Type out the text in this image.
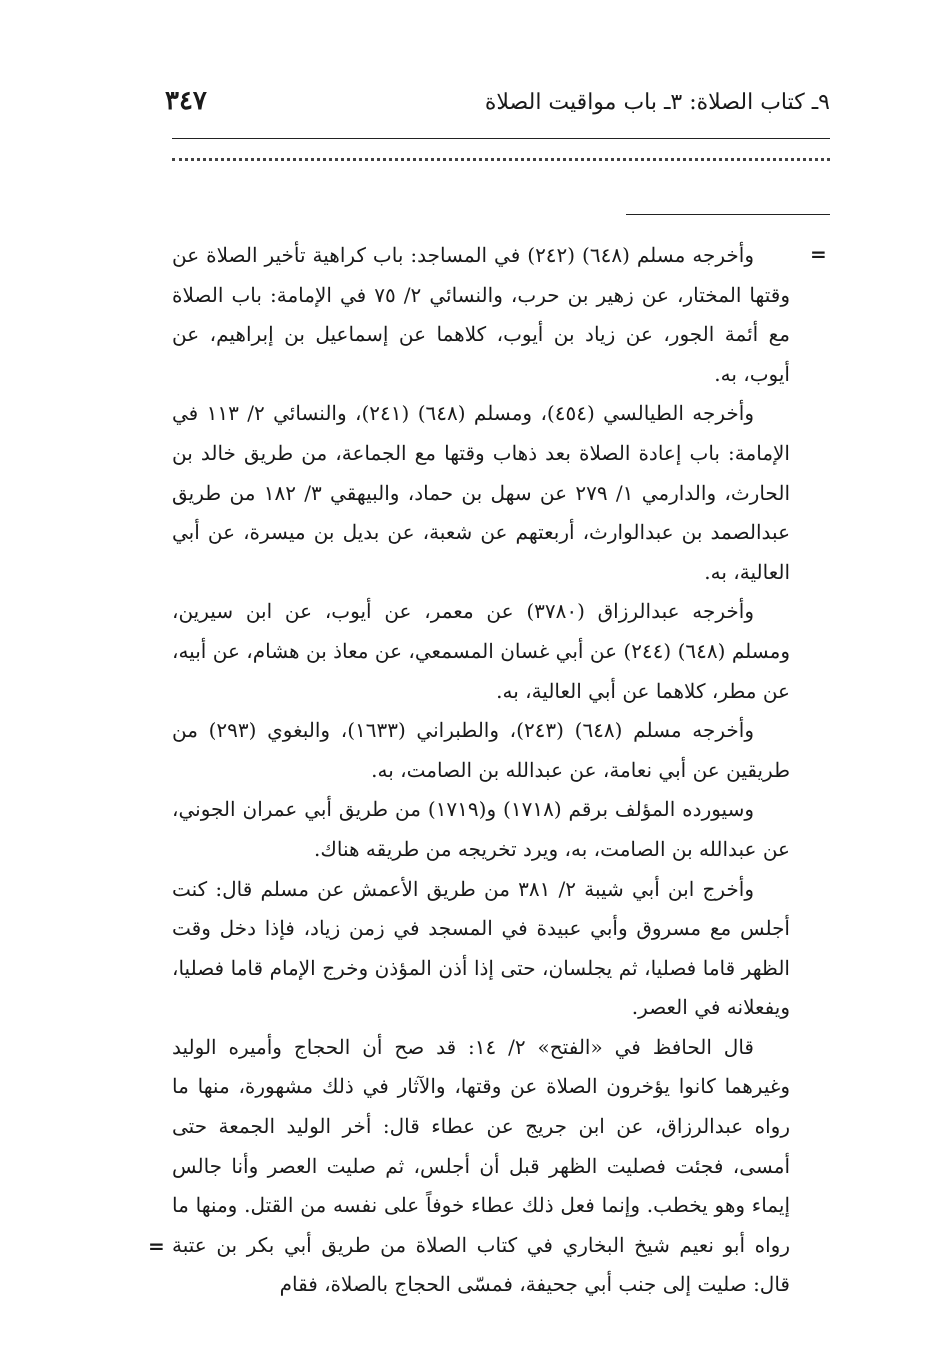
٩ـ كتاب الصلاة: ٣ـ باب مواقيت الصلاة
٣٤٧
=

وأخرجه مسلم (٦٤٨) (٢٤٢) في المساجد: باب كراهية تأخير الصلاة عن وقتها المختار، عن زهير بن حرب، والنسائي ٢/ ٧٥ في الإمامة: باب الصلاة مع أئمة الجور، عن زياد بن أيوب، كلاهما عن إسماعيل بن إبراهيم، عن أيوب، به.

وأخرجه الطيالسي (٤٥٤)، ومسلم (٦٤٨) (٢٤١)، والنسائي ٢/ ١١٣ في الإمامة: باب إعادة الصلاة بعد ذهاب وقتها مع الجماعة، من طريق خالد بن الحارث، والدارمي ١/ ٢٧٩ عن سهل بن حماد، والبيهقي ٣/ ١٨٢ من طريق عبدالصمد بن عبدالوارث، أربعتهم عن شعبة، عن بديل بن ميسرة، عن أبي العالية، به.

وأخرجه عبدالرزاق (٣٧٨٠) عن معمر، عن أيوب، عن ابن سيرين، ومسلم (٦٤٨) (٢٤٤) عن أبي غسان المسمعي، عن معاذ بن هشام، عن أبيه، عن مطر، كلاهما عن أبي العالية، به.

وأخرجه مسلم (٦٤٨) (٢٤٣)، والطبراني (١٦٣٣)، والبغوي (٢٩٣) من طريقين عن أبي نعامة، عن عبدالله بن الصامت، به.

وسيورده المؤلف برقم (١٧١٨) و(١٧١٩) من طريق أبي عمران الجوني، عن عبدالله بن الصامت، به، ويرد تخريجه من طريقه هناك.

وأخرج ابن أبي شيبة ٢/ ٣٨١ من طريق الأعمش عن مسلم قال: كنت أجلس مع مسروق وأبي عبيدة في المسجد في زمن زياد، فإذا دخل وقت الظهر قاما فصليا، ثم يجلسان، حتى إذا أذن المؤذن وخرج الإمام قاما فصليا، ويفعلانه في العصر.

قال الحافظ في «الفتح» ٢/ ١٤: قد صح أن الحجاج وأميره الوليد وغيرهما كانوا يؤخرون الصلاة عن وقتها، والآثار في ذلك مشهورة، منها ما رواه عبدالرزاق، عن ابن جريج عن عطاء قال: أخر الوليد الجمعة حتى أمسى، فجئت فصليت الظهر قبل أن أجلس، ثم صليت العصر وأنا جالس إيماء وهو يخطب. وإنما فعل ذلك عطاء خوفاً على نفسه من القتل. ومنها ما رواه أبو نعيم شيخ البخاري في كتاب الصلاة من طريق أبي بكر بن عتبة قال: صليت إلى جنب أبي جحيفة، فمسّى الحجاج بالصلاة، فقام

=
